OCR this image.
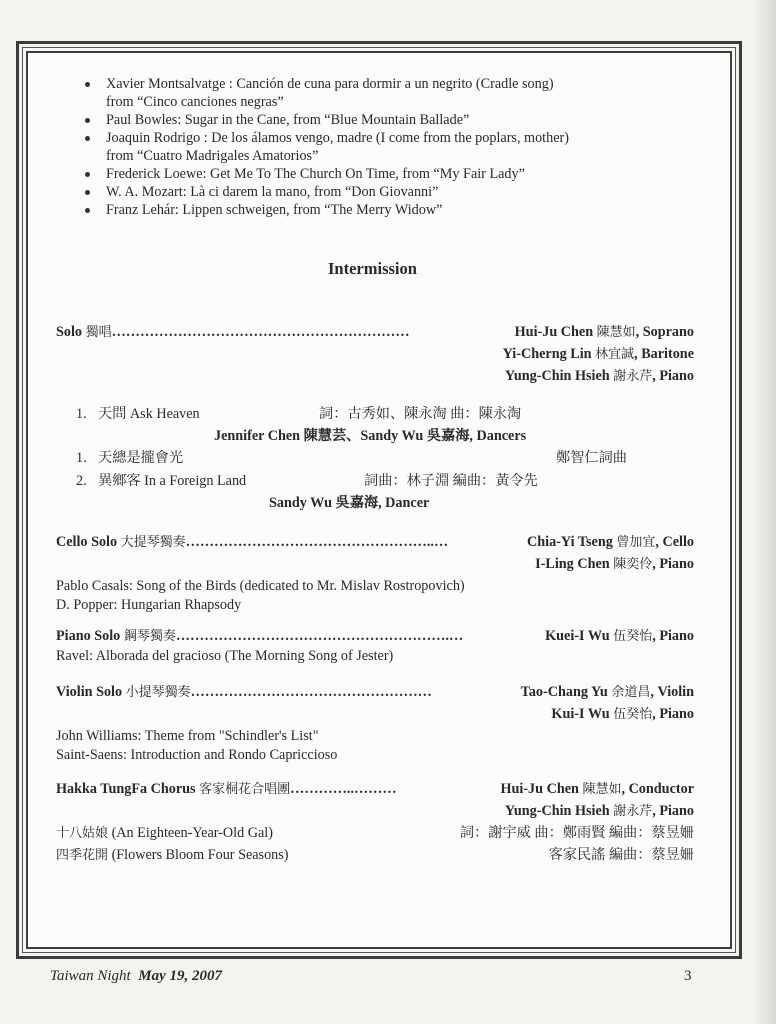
Xavier Montsalvatge : Canción de cuna para dormir a un negrito (Cradle song)
from “Cinco canciones negras”
Paul Bowles: Sugar in the Cane, from “Blue Mountain Ballade”
Joaquin Rodrigo : De los álamos vengo, madre (I come from the poplars, mother)
from “Cuatro Madrigales Amatorios”
Frederick Loewe: Get Me To The Church On Time, from “My Fair Lady”
W. A. Mozart: Là ci darem la mano, from “Don Giovanni”
Franz Lehár: Lippen schweigen, from “The Merry Widow”
Intermission
Solo 獨唱………………………………………………………	Hui-Ju Chen 陳慧如, Soprano
Yi-Cherng Lin 林宜誠, Baritone
Yung-Chin Hsieh 謝永芹, Piano
1. 天問 Ask Heaven	詞：古秀如、陳永淘 曲：陳永淘
Jennifer Chen 陳慧芸、Sandy Wu 吳嘉海, Dancers
1. 天總是攏會光	鄭智仁詞曲
2. 異鄉客 In a Foreign Land	詞曲：林子淵 編曲：黃令先
Sandy Wu 吳嘉海, Dancer
Cello Solo 大提琴獨奏……………………………………………..…	Chia-Yi Tseng 曾加宜, Cello
I-Ling Chen 陳奕伶, Piano
Pablo Casals: Song of the Birds (dedicated to Mr. Mislav Rostropovich)
D. Popper: Hungarian Rhapsody
Piano Solo 鋼琴獨奏………………………………………………….…	Kuei-I Wu 伍癸怡, Piano
Ravel: Alborada del gracioso (The Morning Song of Jester)
Violin Solo 小提琴獨奏……………………………………………	Tao-Chang Yu 余道昌, Violin
Kui-I Wu 伍癸怡, Piano
John Williams: Theme from "Schindler's List"
Saint-Saens: Introduction and Rondo Capriccioso
Hakka TungFa Chorus 客家桐花合唱團…………..………	Hui-Ju Chen 陳慧如, Conductor
Yung-Chin Hsieh 謝永芹, Piano
十八姑娘 (An Eighteen-Year-Old Gal)	詞：謝宇威 曲：鄭雨賢 編曲：蔡昱姍
四季花開 (Flowers Bloom Four Seasons)	客家民謠 編曲：蔡昱姍
Taiwan Night May 19, 2007	3
